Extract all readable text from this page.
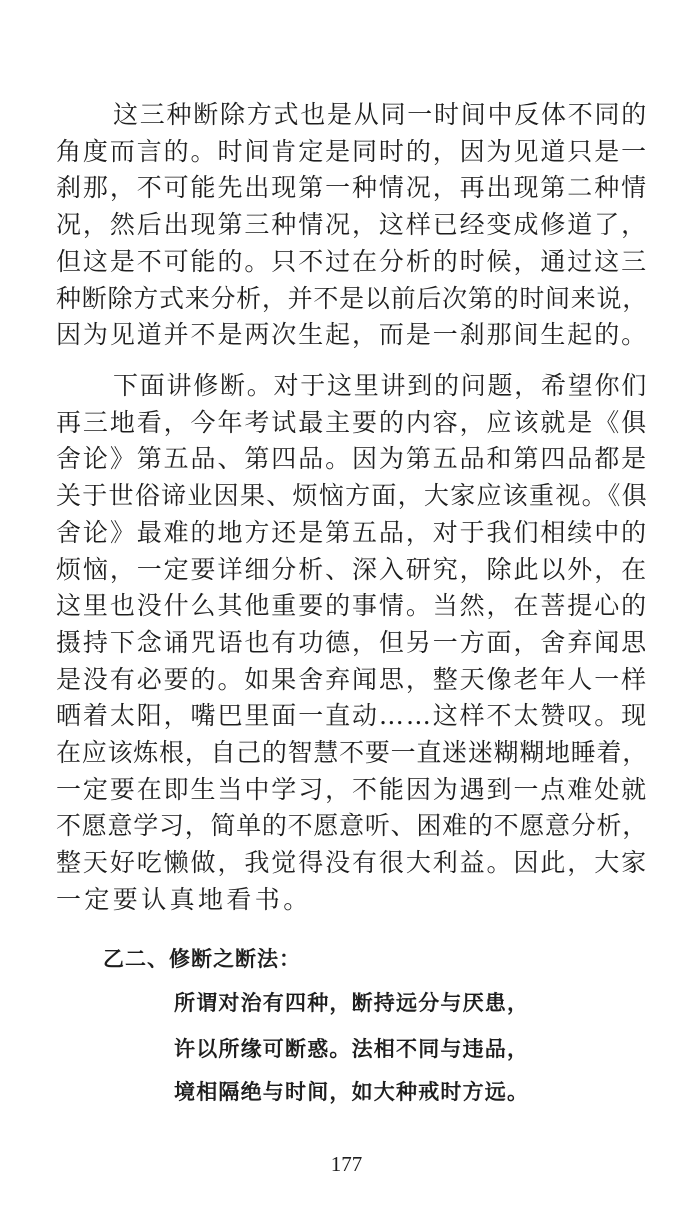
这三种断除方式也是从同一时间中反体不同的
角度而言的。时间肯定是同时的，因为见道只是一
刹那，不可能先出现第一种情况，再出现第二种情
况，然后出现第三种情况，这样已经变成修道了，
但这是不可能的。只不过在分析的时候，通过这三
种断除方式来分析，并不是以前后次第的时间来说，
因为见道并不是两次生起，而是一刹那间生起的。
下面讲修断。对于这里讲到的问题，希望你们
再三地看，今年考试最主要的内容，应该就是《俱
舍论》第五品、第四品。因为第五品和第四品都是
关于世俗谛业因果、烦恼方面，大家应该重视。《俱
舍论》最难的地方还是第五品，对于我们相续中的
烦恼，一定要详细分析、深入研究，除此以外，在
这里也没什么其他重要的事情。当然，在菩提心的
摄持下念诵咒语也有功德，但另一方面，舍弃闻思
是没有必要的。如果舍弃闻思，整天像老年人一样
晒着太阳，嘴巴里面一直动……这样不太赞叹。现
在应该炼根，自己的智慧不要一直迷迷糊糊地睡着，
一定要在即生当中学习，不能因为遇到一点难处就
不愿意学习，简单的不愿意听、困难的不愿意分析，
整天好吃懒做，我觉得没有很大利益。因此，大家
一定要认真地看书。
乙二、修断之断法：
所谓对治有四种，断持远分与厌患，
许以所缘可断惑。法相不同与违品，
境相隔绝与时间，如大种戒时方远。
177
